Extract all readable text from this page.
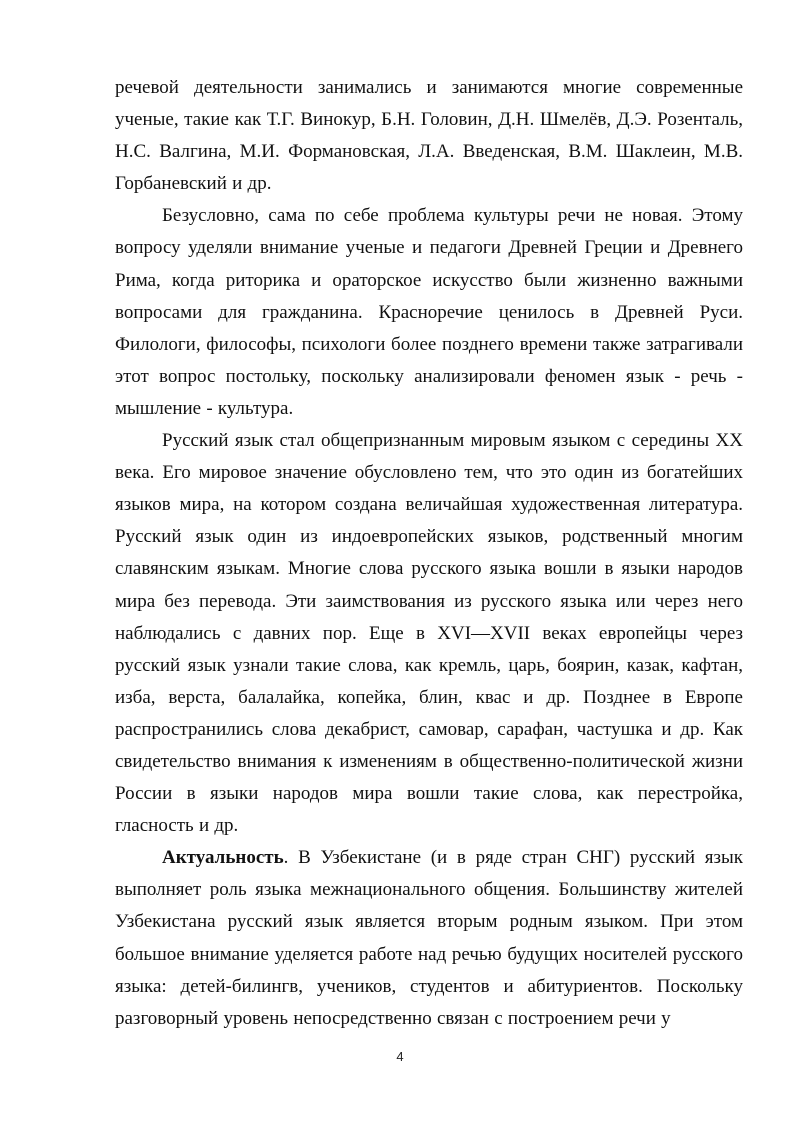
речевой деятельности занимались и занимаются многие современные ученые, такие как Т.Г. Винокур, Б.Н. Головин, Д.Н. Шмелёв, Д.Э. Розенталь, Н.С. Валгина, М.И. Формановская, Л.А. Введенская, В.М. Шаклеин, М.В. Горбаневский и др.

Безусловно, сама по себе проблема культуры речи не новая. Этому вопросу уделяли внимание ученые и педагоги Древней Греции и Древнего Рима, когда риторика и ораторское искусство были жизненно важными вопросами для гражданина. Красноречие ценилось в Древней Руси. Филологи, философы, психологи более позднего времени также затрагивали этот вопрос постольку, поскольку анализировали феномен язык - речь - мышление - культура.

Русский язык стал общепризнанным мировым языком с середины XX века. Его мировое значение обусловлено тем, что это один из богатейших языков мира, на котором создана величайшая художественная литература. Русский язык один из индоевропейских языков, родственный многим славянским языкам. Многие слова русского языка вошли в языки народов мира без перевода. Эти заимствования из русского языка или через него наблюдались с давних пор. Еще в XVI—XVII веках европейцы через русский язык узнали такие слова, как кремль, царь, боярин, казак, кафтан, изба, верста, балалайка, копейка, блин, квас и др. Позднее в Европе распространились слова декабрист, самовар, сарафан, частушка и др. Как свидетельство внимания к изменениям в общественно-политической жизни России в языки народов мира вошли такие слова, как перестройка, гласность и др.

Актуальность. В Узбекистане (и в ряде стран СНГ) русский язык выполняет роль языка межнационального общения. Большинству жителей Узбекистана русский язык является вторым родным языком. При этом большое внимание уделяется работе над речью будущих носителей русского языка: детей-билингв, учеников, студентов и абитуриентов. Поскольку разговорный уровень непосредственно связан с построением речи у

4
